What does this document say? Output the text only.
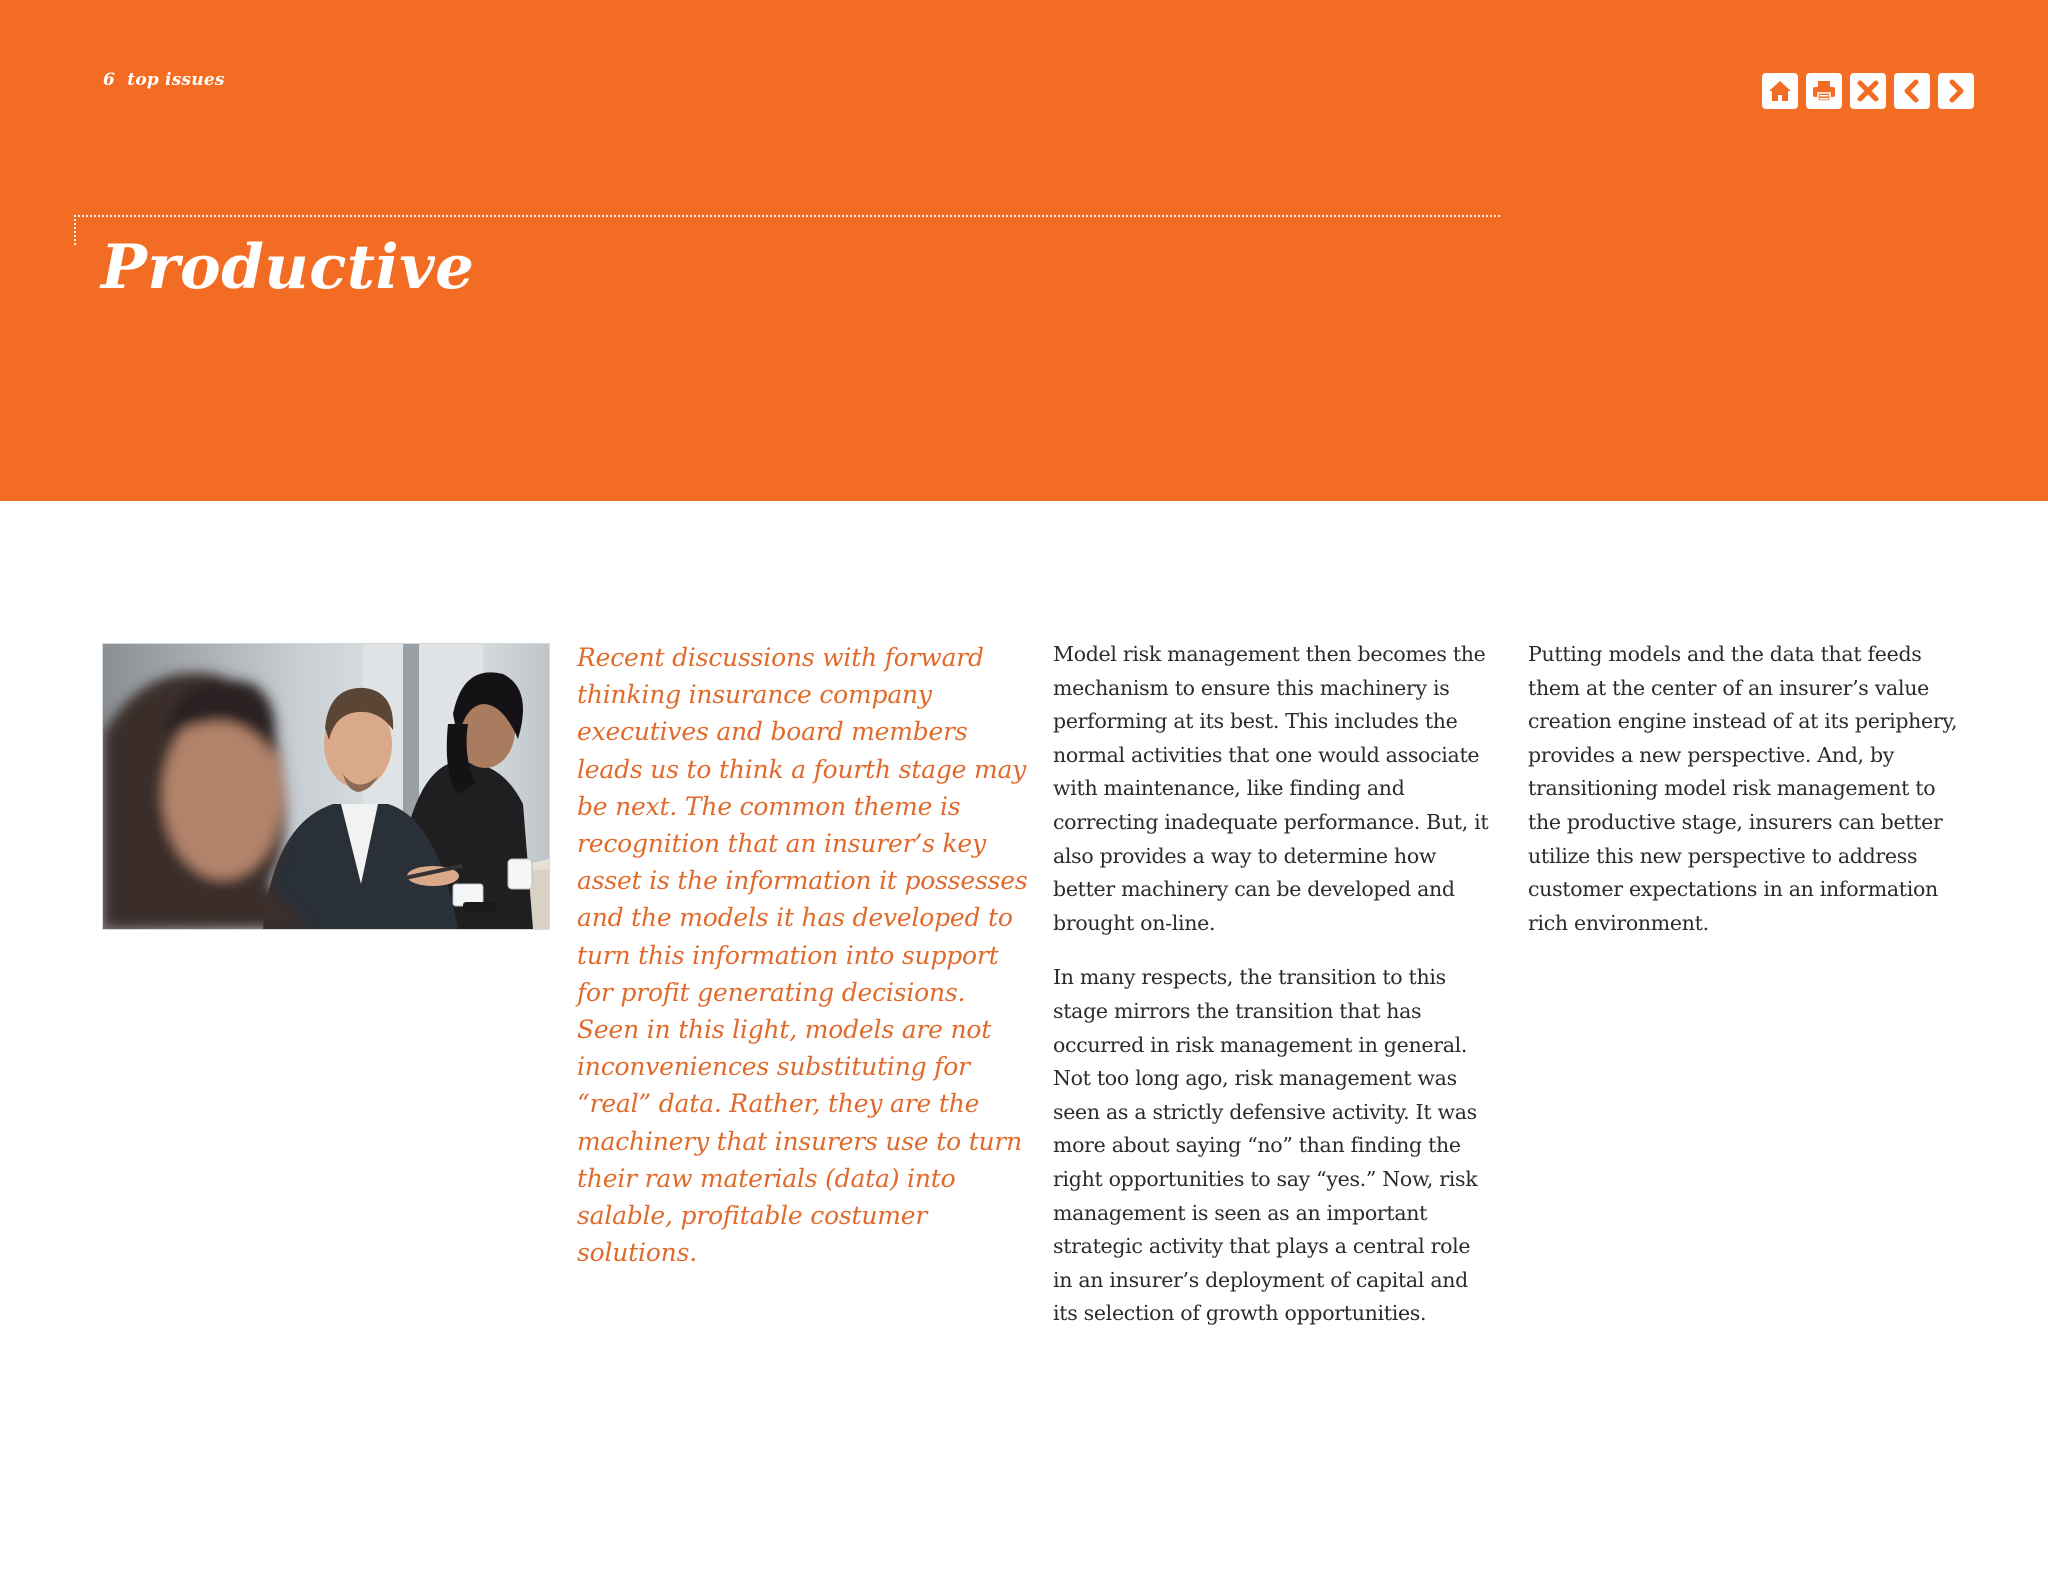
6  top issues
Productive

Recent discussions with forward thinking insurance company executives and board members leads us to think a fourth stage may be next. The common theme is recognition that an insurer’s key asset is the information it possesses and the models it has developed to turn this information into support for profit generating decisions. Seen in this light, models are not inconveniences substituting for “real” data. Rather, they are the machinery that insurers use to turn their raw materials (data) into salable, profitable costumer solutions.

Model risk management then becomes the mechanism to ensure this machinery is performing at its best. This includes the normal activities that one would associate with maintenance, like finding and correcting inadequate performance. But, it also provides a way to determine how better machinery can be developed and brought on-line.

In many respects, the transition to this stage mirrors the transition that has occurred in risk management in general. Not too long ago, risk management was seen as a strictly defensive activity. It was more about saying “no” than finding the right opportunities to say “yes.” Now, risk management is seen as an important strategic activity that plays a central role in an insurer’s deployment of capital and its selection of growth opportunities.

Putting models and the data that feeds them at the center of an insurer’s value creation engine instead of at its periphery, provides a new perspective. And, by transitioning model risk management to the productive stage, insurers can better utilize this new perspective to address customer expectations in an information rich environment.
